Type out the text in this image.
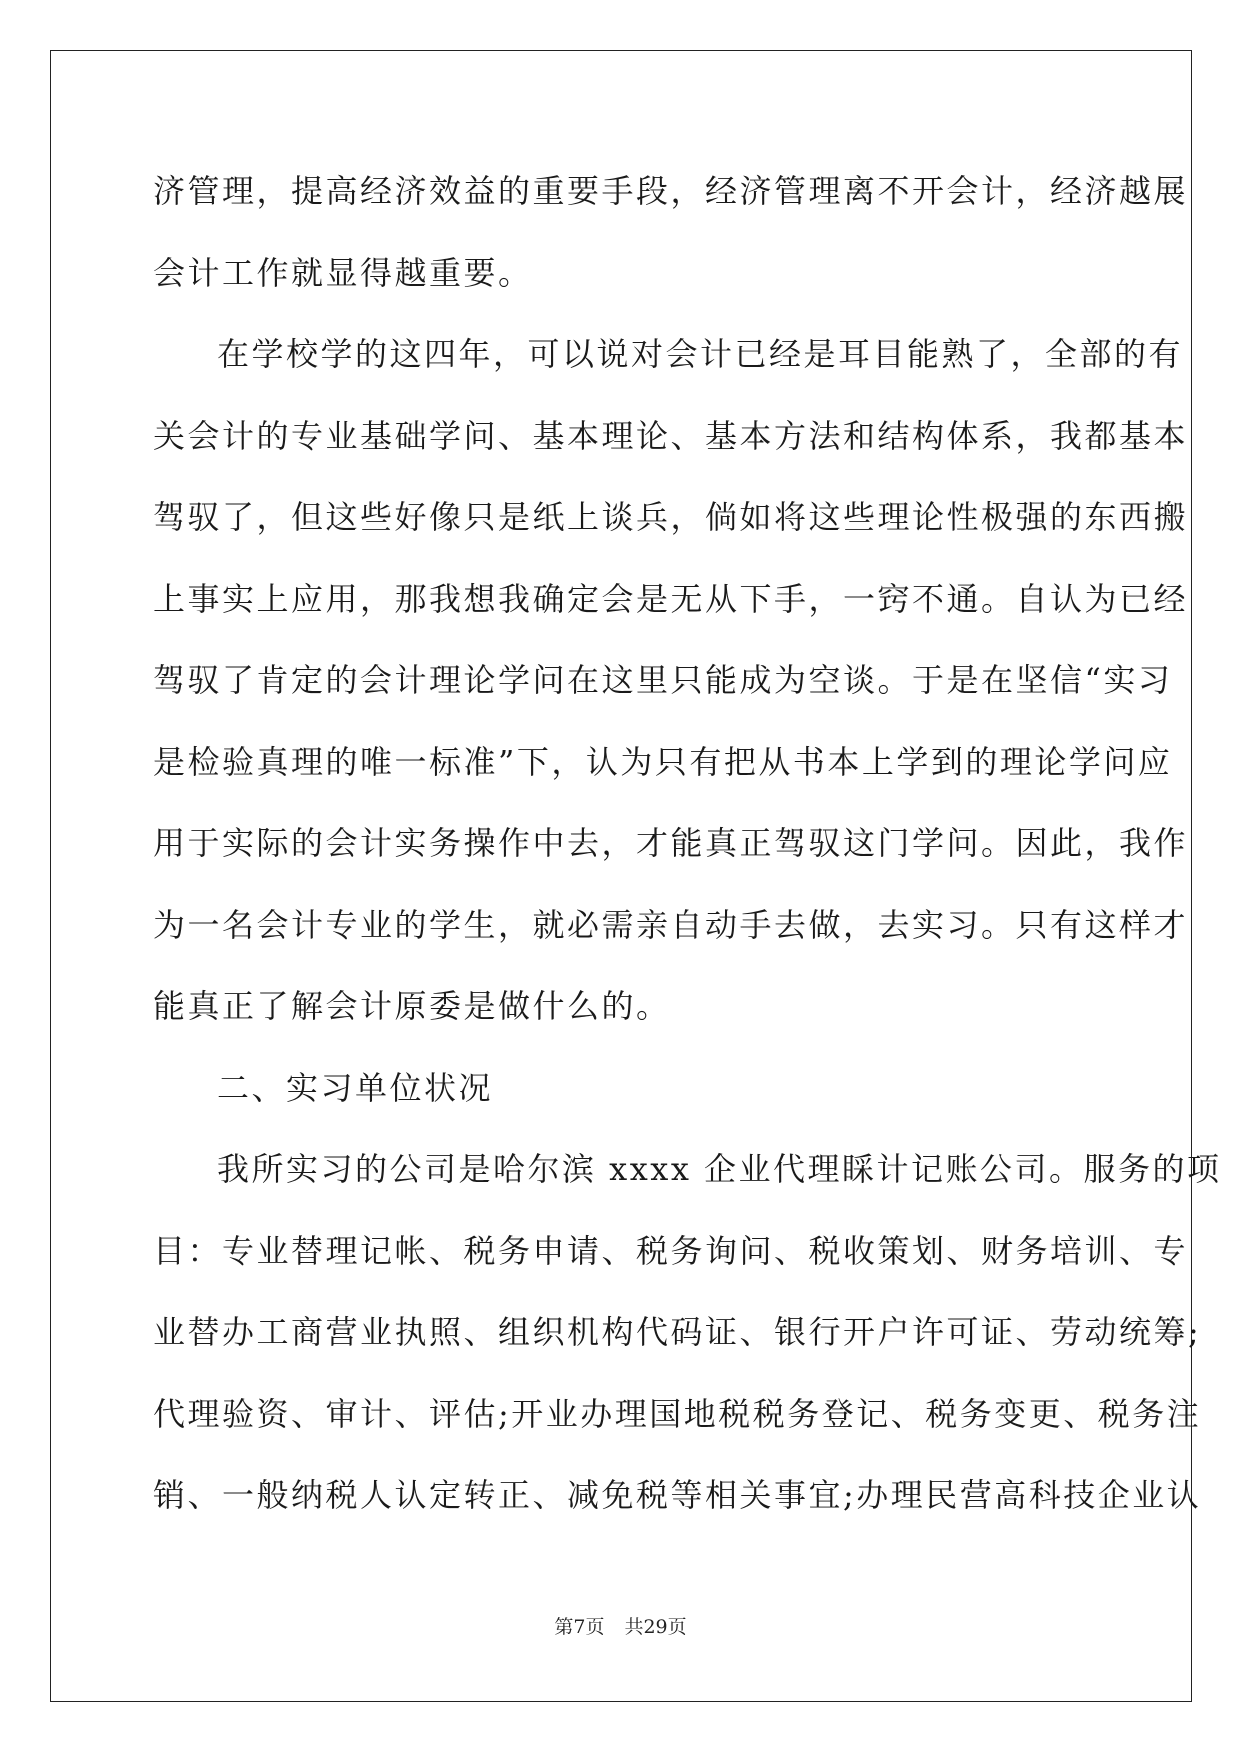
济管理，提高经济效益的重要手段，经济管理离不开会计，经济越展
会计工作就显得越重要。
在学校学的这四年，可以说对会计已经是耳目能熟了，全部的有
关会计的专业基础学问、基本理论、基本方法和结构体系，我都基本
驾驭了，但这些好像只是纸上谈兵，倘如将这些理论性极强的东西搬
上事实上应用，那我想我确定会是无从下手，一窍不通。自认为已经
驾驭了肯定的会计理论学问在这里只能成为空谈。于是在坚信“实习
是检验真理的唯一标准”下，认为只有把从书本上学到的理论学问应
用于实际的会计实务操作中去，才能真正驾驭这门学问。因此，我作
为一名会计专业的学生，就必需亲自动手去做，去实习。只有这样才
能真正了解会计原委是做什么的。
二、实习单位状况
我所实习的公司是哈尔滨 xxxx 企业代理睬计记账公司。服务的项
目：专业替理记帐、税务申请、税务询问、税收策划、财务培训、专
业替办工商营业执照、组织机构代码证、银行开户许可证、劳动统筹;
代理验资、审计、评估;开业办理国地税税务登记、税务变更、税务注
销、一般纳税人认定转正、减免税等相关事宜;办理民营高科技企业认
第7页 共29页
